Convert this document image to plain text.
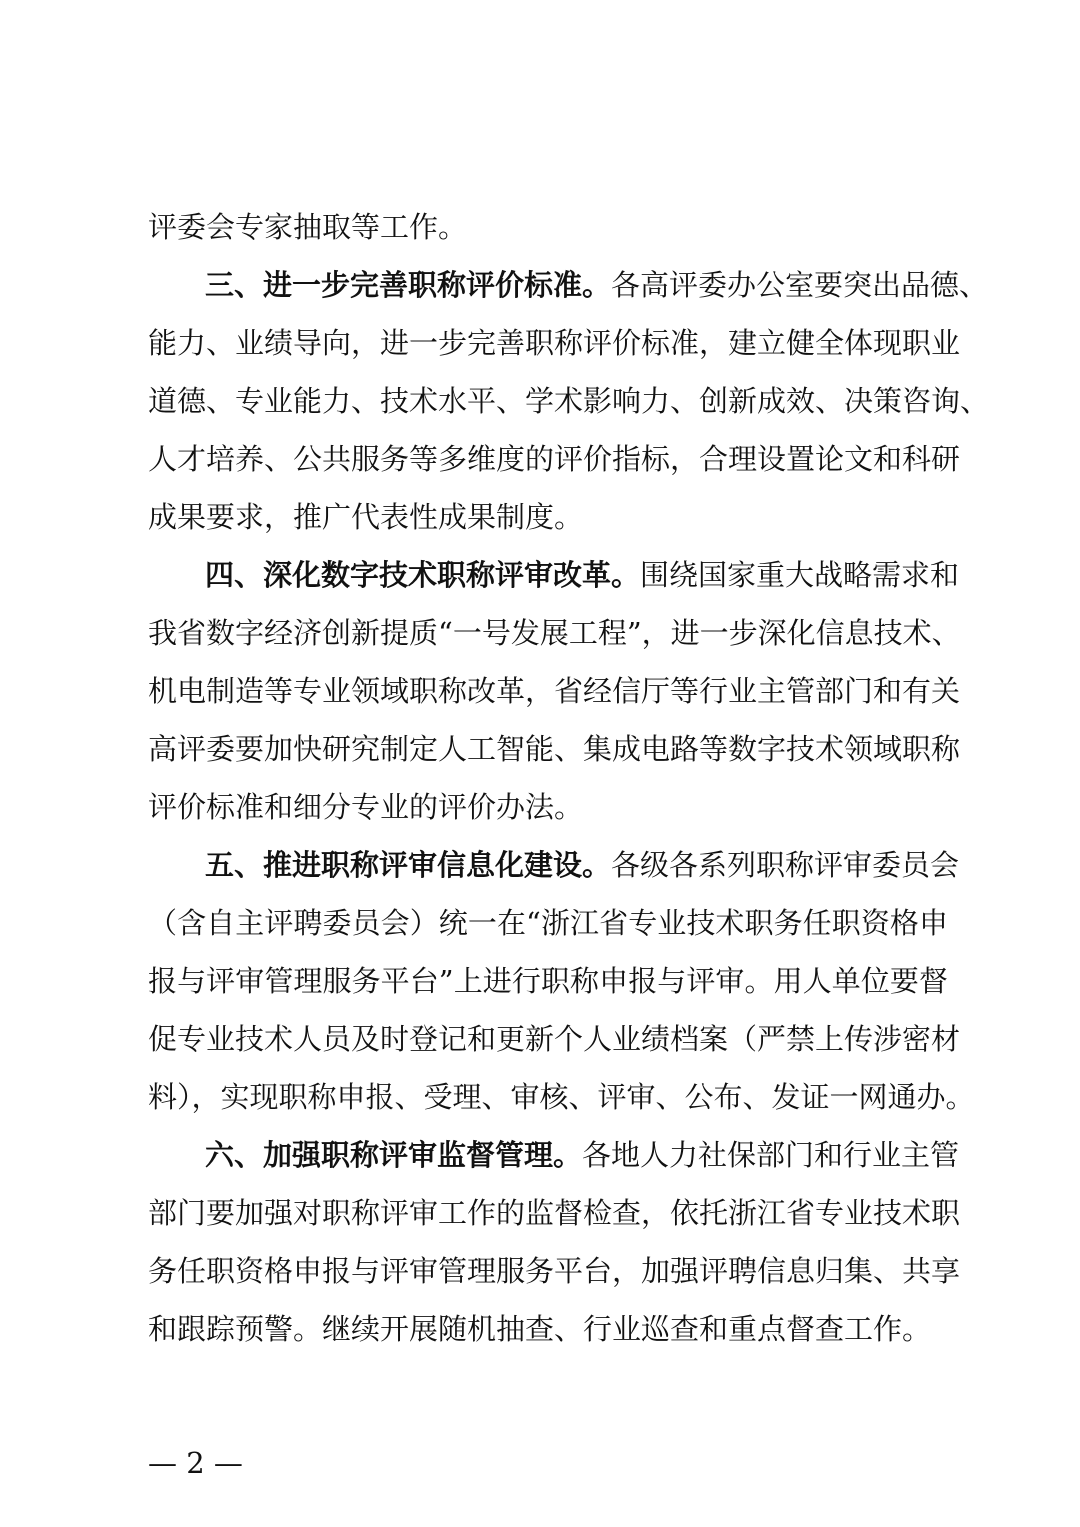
评委会专家抽取等工作。
三、进一步完善职称评价标准。各高评委办公室要突出品德、
能力、业绩导向，进一步完善职称评价标准，建立健全体现职业
道德、专业能力、技术水平、学术影响力、创新成效、决策咨询、
人才培养、公共服务等多维度的评价指标，合理设置论文和科研
成果要求，推广代表性成果制度。
四、深化数字技术职称评审改革。围绕国家重大战略需求和
我省数字经济创新提质“一号发展工程”，进一步深化信息技术、
机电制造等专业领域职称改革，省经信厅等行业主管部门和有关
高评委要加快研究制定人工智能、集成电路等数字技术领域职称
评价标准和细分专业的评价办法。
五、推进职称评审信息化建设。各级各系列职称评审委员会
（含自主评聘委员会）统一在“浙江省专业技术职务任职资格申
报与评审管理服务平台”上进行职称申报与评审。用人单位要督
促专业技术人员及时登记和更新个人业绩档案（严禁上传涉密材
料），实现职称申报、受理、审核、评审、公布、发证一网通办。
六、加强职称评审监督管理。各地人力社保部门和行业主管
部门要加强对职称评审工作的监督检查，依托浙江省专业技术职
务任职资格申报与评审管理服务平台，加强评聘信息归集、共享
和跟踪预警。继续开展随机抽查、行业巡查和重点督查工作。
— 2 —
